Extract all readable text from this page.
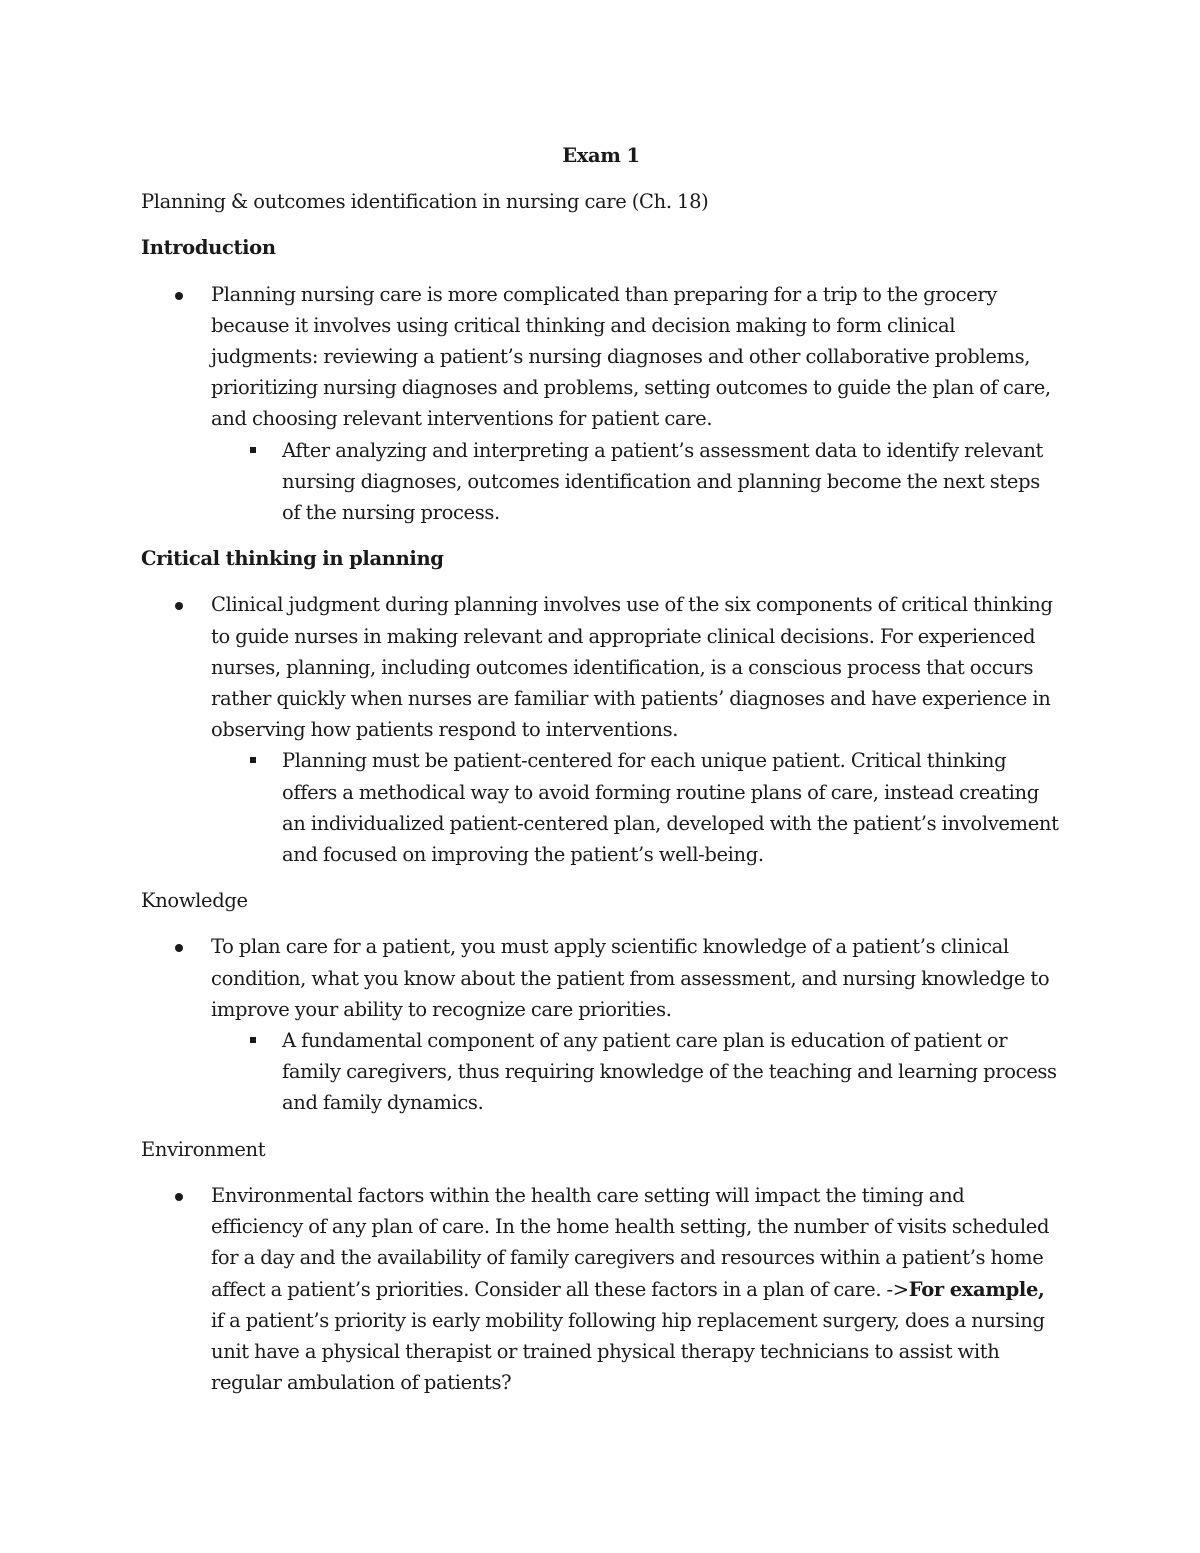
Exam 1
Planning & outcomes identification in nursing care (Ch. 18)
Introduction
Planning nursing care is more complicated than preparing for a trip to the grocery because it involves using critical thinking and decision making to form clinical judgments: reviewing a patient’s nursing diagnoses and other collaborative problems, prioritizing nursing diagnoses and problems, setting outcomes to guide the plan of care, and choosing relevant interventions for patient care.
After analyzing and interpreting a patient’s assessment data to identify relevant nursing diagnoses, outcomes identification and planning become the next steps of the nursing process.
Critical thinking in planning
Clinical judgment during planning involves use of the six components of critical thinking to guide nurses in making relevant and appropriate clinical decisions. For experienced nurses, planning, including outcomes identification, is a conscious process that occurs rather quickly when nurses are familiar with patients’ diagnoses and have experience in observing how patients respond to interventions.
Planning must be patient-centered for each unique patient. Critical thinking offers a methodical way to avoid forming routine plans of care, instead creating an individualized patient-centered plan, developed with the patient’s involvement and focused on improving the patient’s well-being.
Knowledge
To plan care for a patient, you must apply scientific knowledge of a patient’s clinical condition, what you know about the patient from assessment, and nursing knowledge to improve your ability to recognize care priorities.
A fundamental component of any patient care plan is education of patient or family caregivers, thus requiring knowledge of the teaching and learning process and family dynamics.
Environment
Environmental factors within the health care setting will impact the timing and efficiency of any plan of care. In the home health setting, the number of visits scheduled for a day and the availability of family caregivers and resources within a patient’s home affect a patient’s priorities. Consider all these factors in a plan of care. ->For example, if a patient’s priority is early mobility following hip replacement surgery, does a nursing unit have a physical therapist or trained physical therapy technicians to assist with regular ambulation of patients?
